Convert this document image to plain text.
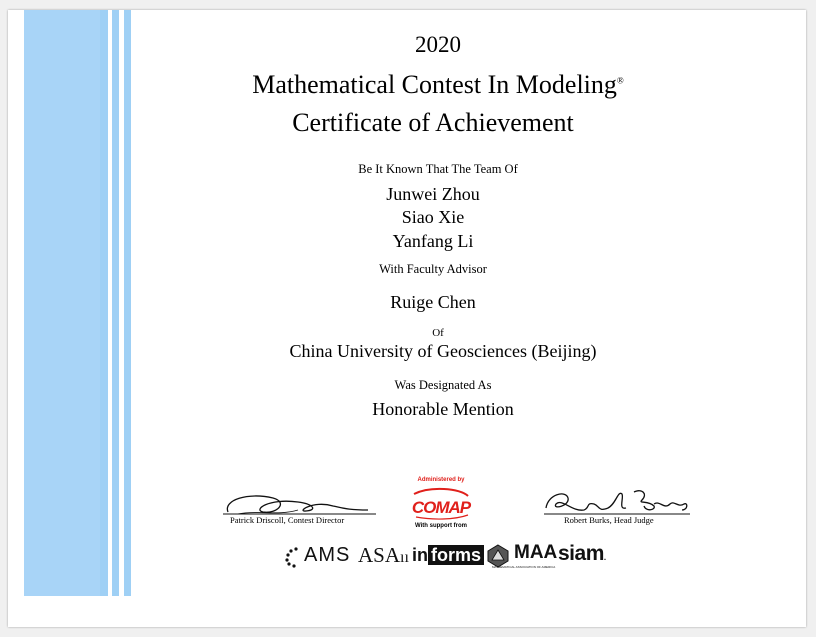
2020
Mathematical Contest In Modeling®
Certificate of Achievement
Be It Known That The Team Of
Junwei Zhou
Siao Xie
Yanfang Li
With Faculty Advisor
Ruige Chen
Of
China University of Geosciences (Beijing)
Was Designated As
Honorable Mention
Patrick Driscoll, Contest Director
Administered by
COMAP
With support from
Robert Burks, Head Judge
AMS ASAıı in forms MAA
MATHEMATICAL ASSOCIATION OF AMERICA
siam.
